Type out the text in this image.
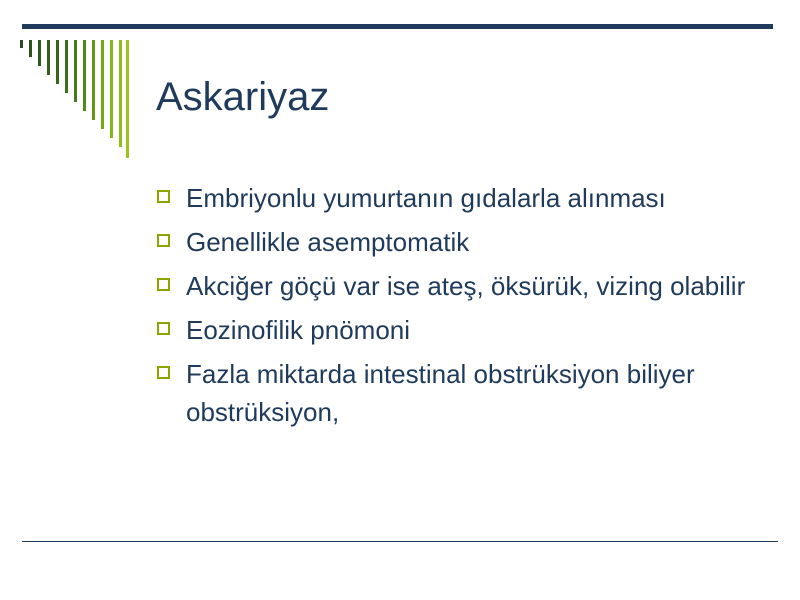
Askariyaz
Embriyonlu yumurtanın gıdalarla alınması
Genellikle asemptomatik
Akciğer göçü var ise ateş, öksürük, vizing olabilir
Eozinofilik pnömoni
Fazla miktarda intestinal obstrüksiyon biliyer obstrüksiyon,
